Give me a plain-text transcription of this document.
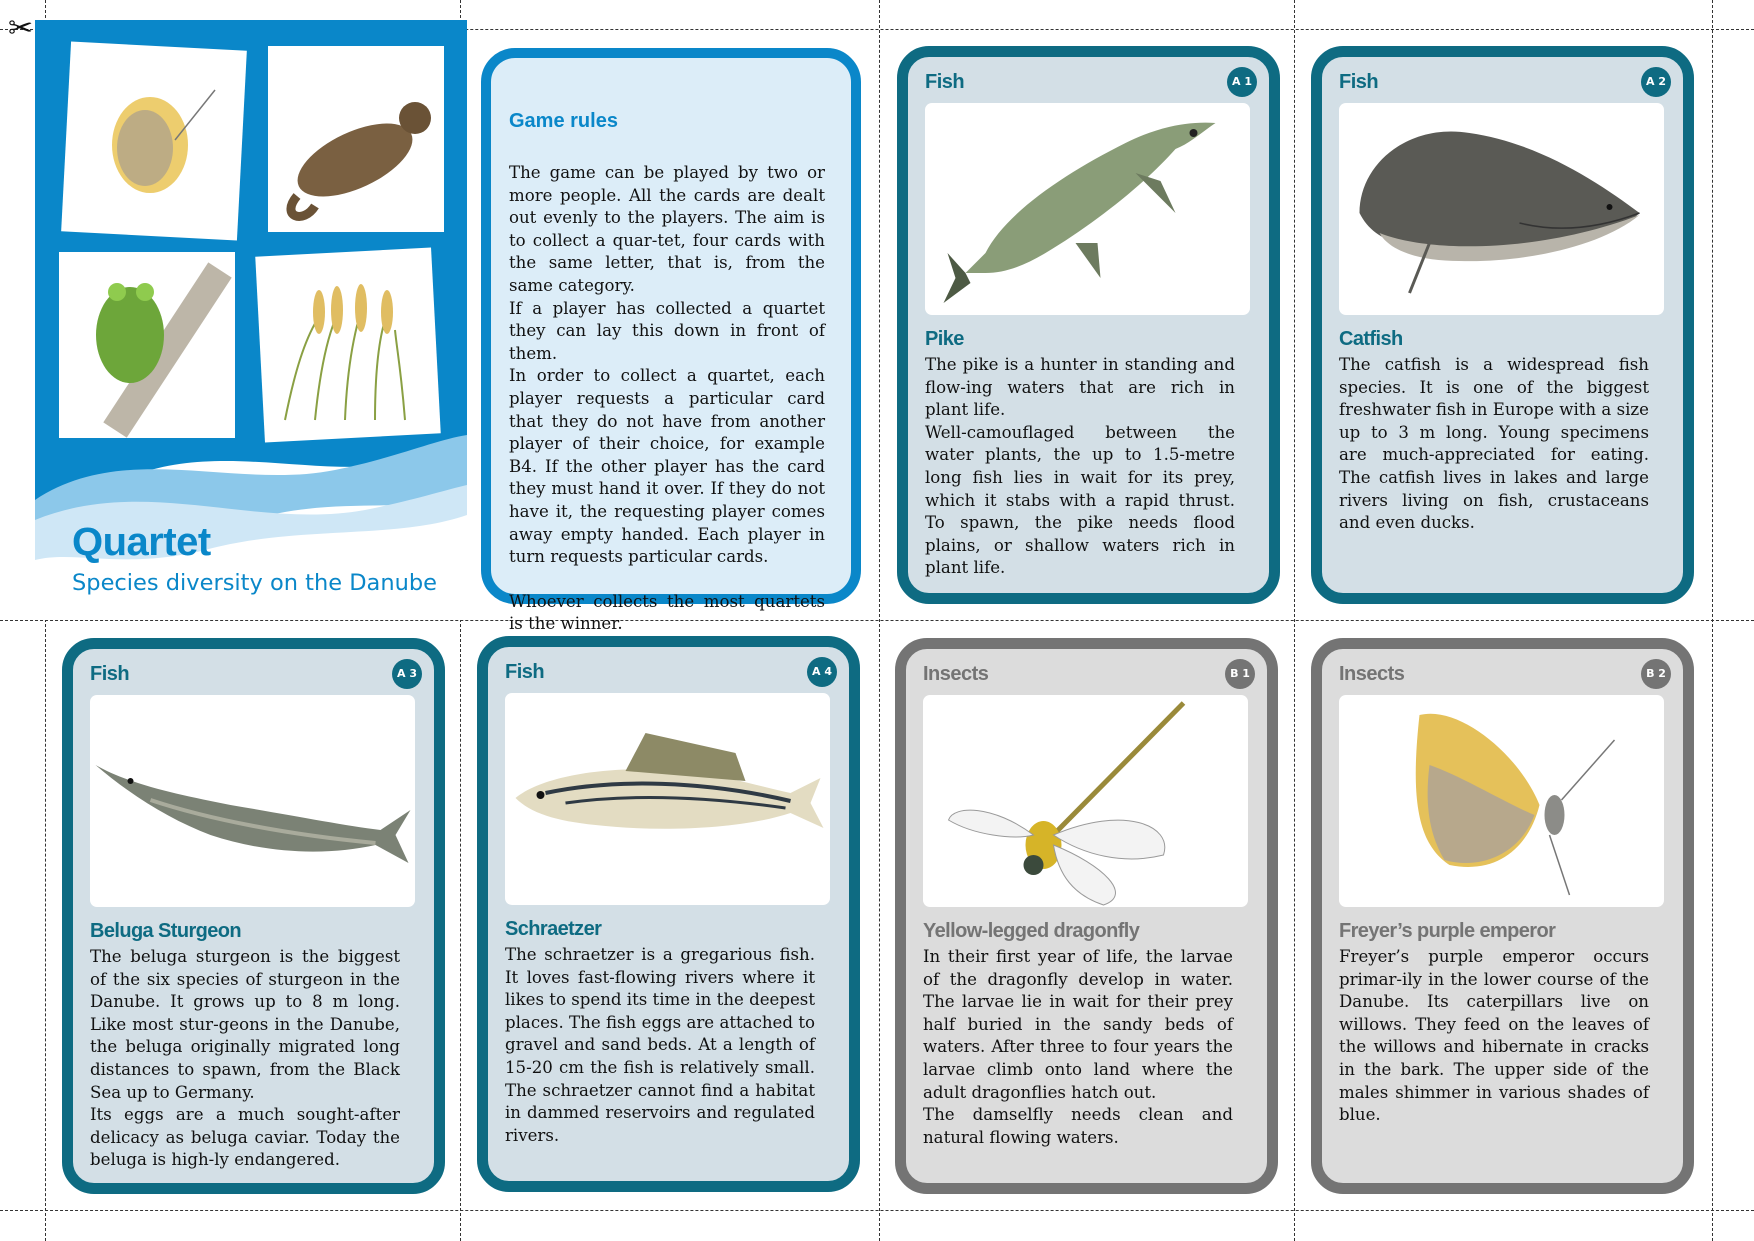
✂
Quartet
Species diversity on the Danube
Game rules

The game can be played by two or more people. All the cards are dealt out evenly to the players. The aim is to collect a quar-tet, four cards with the same letter, that is, from the same category.

If a player has collected a quartet they can lay this down in front of them.

In order to collect a quartet, each player requests a particular card that they do not have from another player of their choice, for example B4. If the other player has the card they must hand it over. If they do not have it, the requesting player comes away empty handed. Each player in turn requests particular cards.

Whoever collects the most quartets is the winner.

Fish	A 1
Pike

The pike is a hunter in standing and flow-ing waters that are rich in plant life.

Well-camouflaged between the water plants, the up to 1.5-metre long fish lies in wait for its prey, which it stabs with a rapid thrust. To spawn, the pike needs flood plains, or shallow waters rich in plant life.

Fish	A 2
Catfish

The catfish is a widespread fish species. It is one of the biggest freshwater fish in Europe with a size up to 3 m long. Young specimens are much-appreciated for eating. The catfish lives in lakes and large rivers living on fish, crustaceans and even ducks.

Fish	A 3
Beluga Sturgeon

The beluga sturgeon is the biggest of the six species of sturgeon in the Danube. It grows up to 8 m long. Like most stur-geons in the Danube, the beluga originally migrated long distances to spawn, from the Black Sea up to Germany.

Its eggs are a much sought-after delicacy as beluga caviar. Today the beluga is high-ly endangered.

Fish	A 4
Schraetzer

The schraetzer is a gregarious fish. It loves fast-flowing rivers where it likes to spend its time in the deepest places. The fish eggs are attached to gravel and sand beds. At a length of 15-20 cm the fish is relatively small. The schraetzer cannot find a habitat in dammed reservoirs and regulated rivers.

Insects	B 1
Yellow-legged dragonfly

In their first year of life, the larvae of the dragonfly develop in water. The larvae lie in wait for their prey half buried in the sandy beds of waters. After three to four years the larvae climb onto land where the adult dragonflies hatch out.

The damselfly needs clean and natural flowing waters.

Insects	B 2
Freyer’s purple emperor

Freyer’s purple emperor occurs primar-ily in the lower course of the Danube. Its caterpillars live on willows. They feed on the leaves of the willows and hibernate in cracks in the bark. The upper side of the males shimmer in various shades of blue.
